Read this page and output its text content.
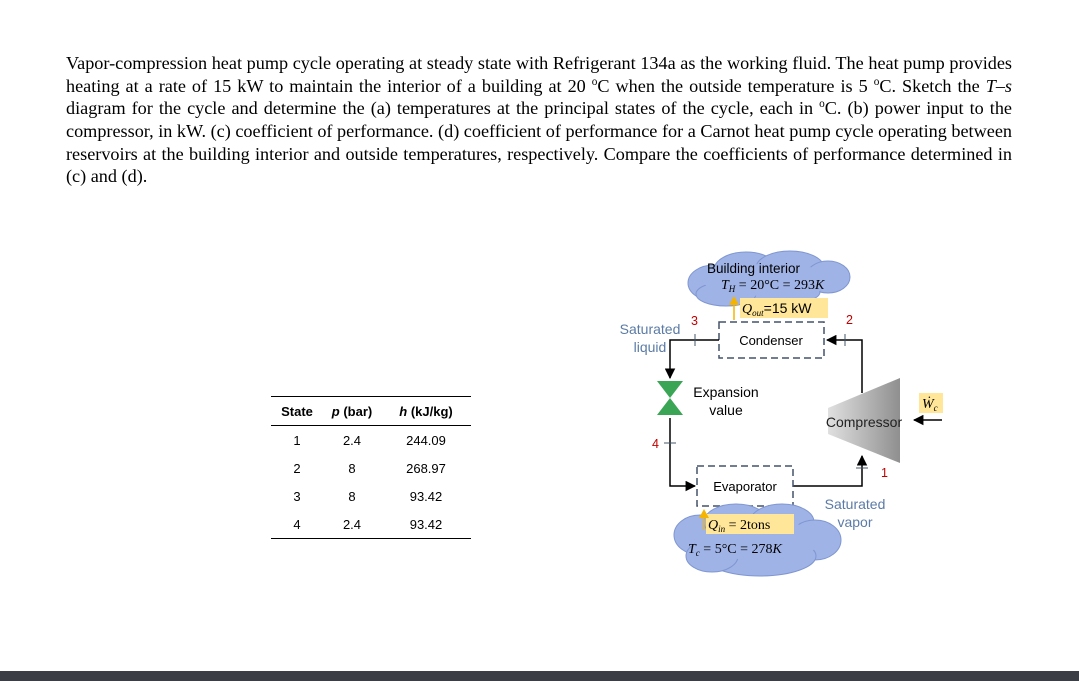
Vapor-compression heat pump cycle operating at steady state with Refrigerant 134a as the working fluid. The heat pump provides heating at a rate of 15 kW to maintain the interior of a building at 20 $^o$C when the outside temperature is 5 $^o$C. Sketch the T–s diagram for the cycle and determine the (a) temperatures at the principal states of the cycle, each in $^o$C. (b) power input to the compressor, in kW. (c) coefficient of performance. (d) coefficient of performance for a Carnot heat pump cycle operating between reservoirs at the building interior and outside temperatures, respectively. Compare the coefficients of performance determined in (c) and (d).

State	p (bar)	h (kJ/kg)
1	2.4	244.09
2	8	268.97
3	8	93.42
4	2.4	93.42
Building interior
$T_H = 20^\circ C = 293K$
$Q_{out}=15$ kW
Condenser
3	2
4
1
Saturated
liquid
Expansion
value
Compressor
Ẇ$_c$
Evaporator
Saturated
vapor
$Q_{in}$ = 2tons
$T_c = 5^\circ C = 278K$
